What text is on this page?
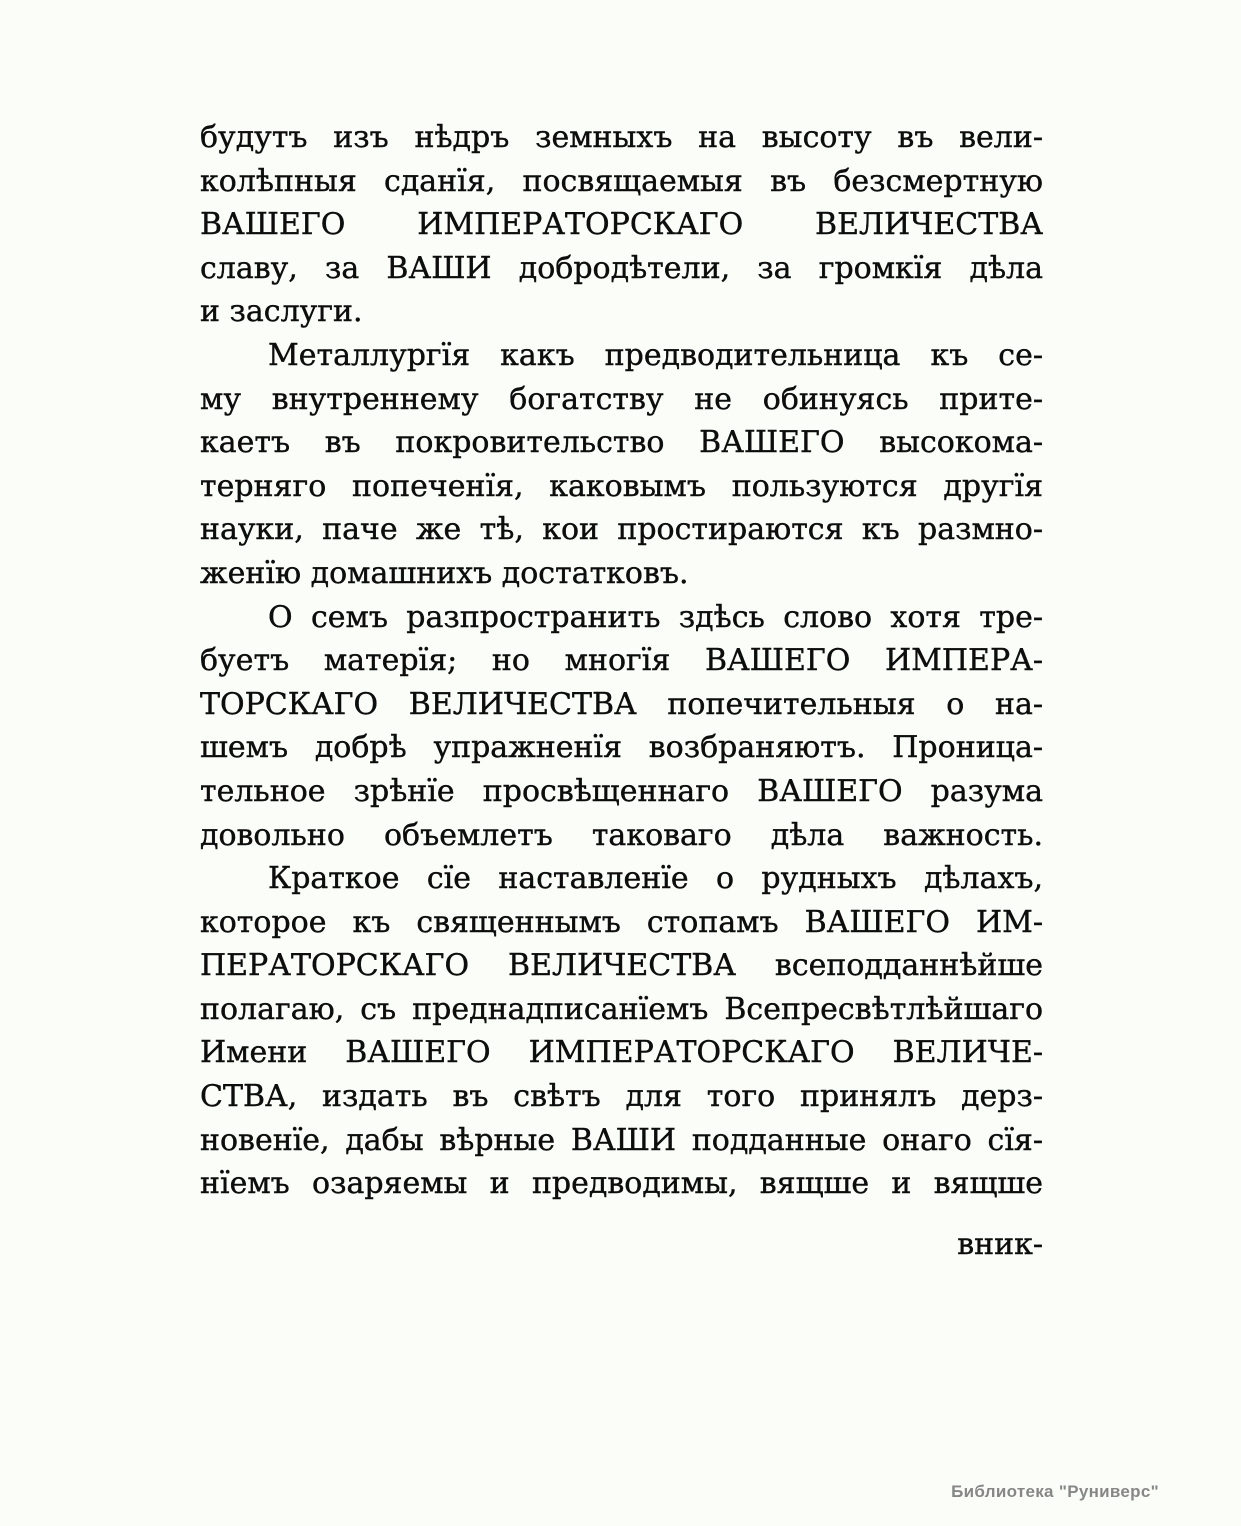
будутъ изъ нѣдръ земныхъ на высоту въ вели-
колѣпныя сданїя, посвящаемыя въ безсмертную
ВАШЕГО ИМПЕРАТОРСКАГО ВЕЛИЧЕСТВА
славу, за ВАШИ добродѣтели, за громкїя дѣла
и заслуги.
Металлургїя какъ предводительница къ се-
му внутреннему богатству не обинуясь прите-
каетъ въ покровительство ВАШЕГО высокома-
терняго попеченїя, каковымъ пользуются другїя
науки, паче же тѣ, кои простираются къ размно-
женїю домашнихъ достатковъ.
О семъ разпространить здѣсь слово хотя тре-
буетъ матерїя; но многїя ВАШЕГО ИМПЕРА-
ТОРСКАГО ВЕЛИЧЕСТВА попечительныя о на-
шемъ добрѣ упражненїя возбраняютъ. Проница-
тельное зрѣнїе просвѣщеннаго ВАШЕГО разума
довольно объемлетъ таковаго дѣла важность.
Краткое сїе наставленїе о рудныхъ дѣлахъ,
которое къ священнымъ стопамъ ВАШЕГО ИМ-
ПЕРАТОРСКАГО ВЕЛИЧЕСТВА всеподданнѣйше
полагаю, съ преднадписанїемъ Всепресвѣтлѣйшаго
Имени ВАШЕГО ИМПЕРАТОРСКАГО ВЕЛИЧЕ-
СТВА, издать въ свѣтъ для того принялъ дерз-
новенїе, дабы вѣрные ВАШИ подданные онаго сїя-
нїемъ озаряемы и предводимы, вящше и вящше
вник-
Библиотека "Руниверс"
